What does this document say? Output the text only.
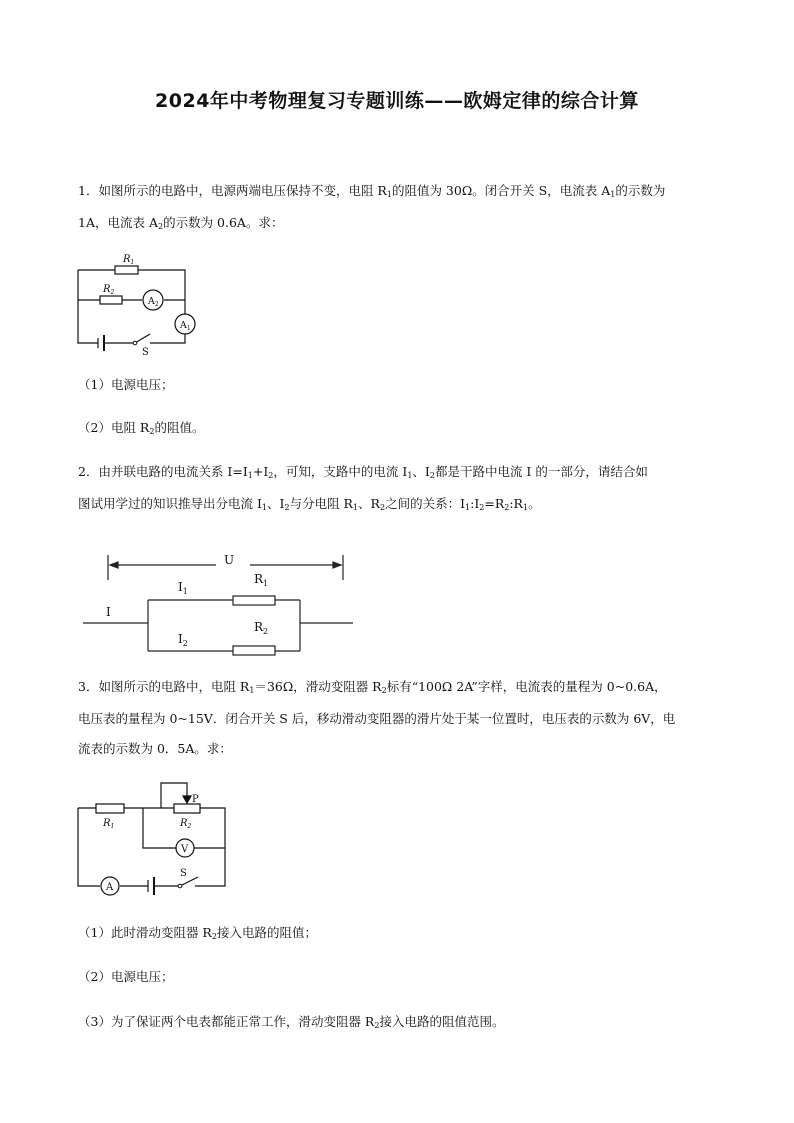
2024年中考物理复习专题训练——欧姆定律的综合计算
1．如图所示的电路中，电源两端电压保持不变，电阻 $R_1$的阻值为 30Ω。闭合开关 S，电流表 $A_1$的示数为
1A，电流表 $A_2$的示数为 0.6A。求：
$R_1$
$R_2$
$A_2$
$A_1$
S
（1）电源电压；
（2）电阻 $R_2$的阻值。
2．由并联电路的电流关系 $I=I_1+I_2$，可知，支路中的电流 $I_1$、$I_2$都是干路中电流 I 的一部分，请结合如
图试用学过的知识推导出分电流 $I_1$、$I_2$与分电阻 $R_1$、$R_2$之间的关系：$I_1:I_2=R_2:R_1$。
U
I
$I_1$
$I_2$
$R_1$
$R_2$
3．如图所示的电路中，电阻 $R_1=36\Omega$，滑动变阻器 $R_2$标有“100Ω 2A”字样，电流表的量程为 0~0.6A，
电压表的量程为 0~15V．闭合开关 S 后，移动滑动变阻器的滑片处于某一位置时，电压表的示数为 6V，电
流表的示数为 0．5A。求：
P
$R_1$	$R_2$
V
A
S
（1）此时滑动变阻器 $R_2$接入电路的阻值；
（2）电源电压；
（3）为了保证两个电表都能正常工作，滑动变阻器 $R_2$接入电路的阻值范围。
